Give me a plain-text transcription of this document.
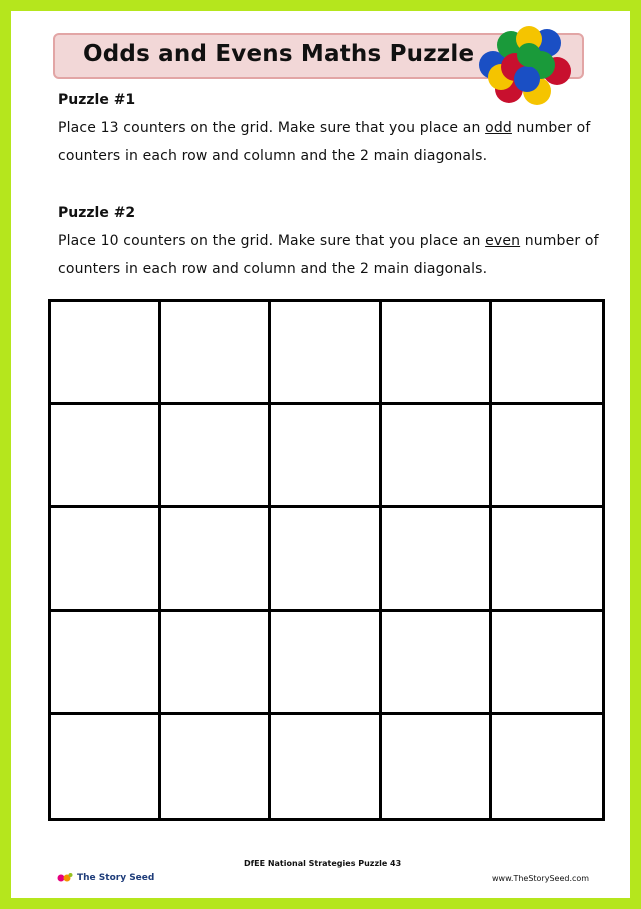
Odds and Evens Maths Puzzle
Puzzle #1
Place 13 counters on the grid. Make sure that you place an odd number of counters in each row and column and the 2 main diagonals.
Puzzle #2
Place 10 counters on the grid. Make sure that you place an even number of counters in each row and column and the 2 main diagonals.
The Story Seed
DfEE National Strategies Puzzle 43
www.TheStorySeed.com
